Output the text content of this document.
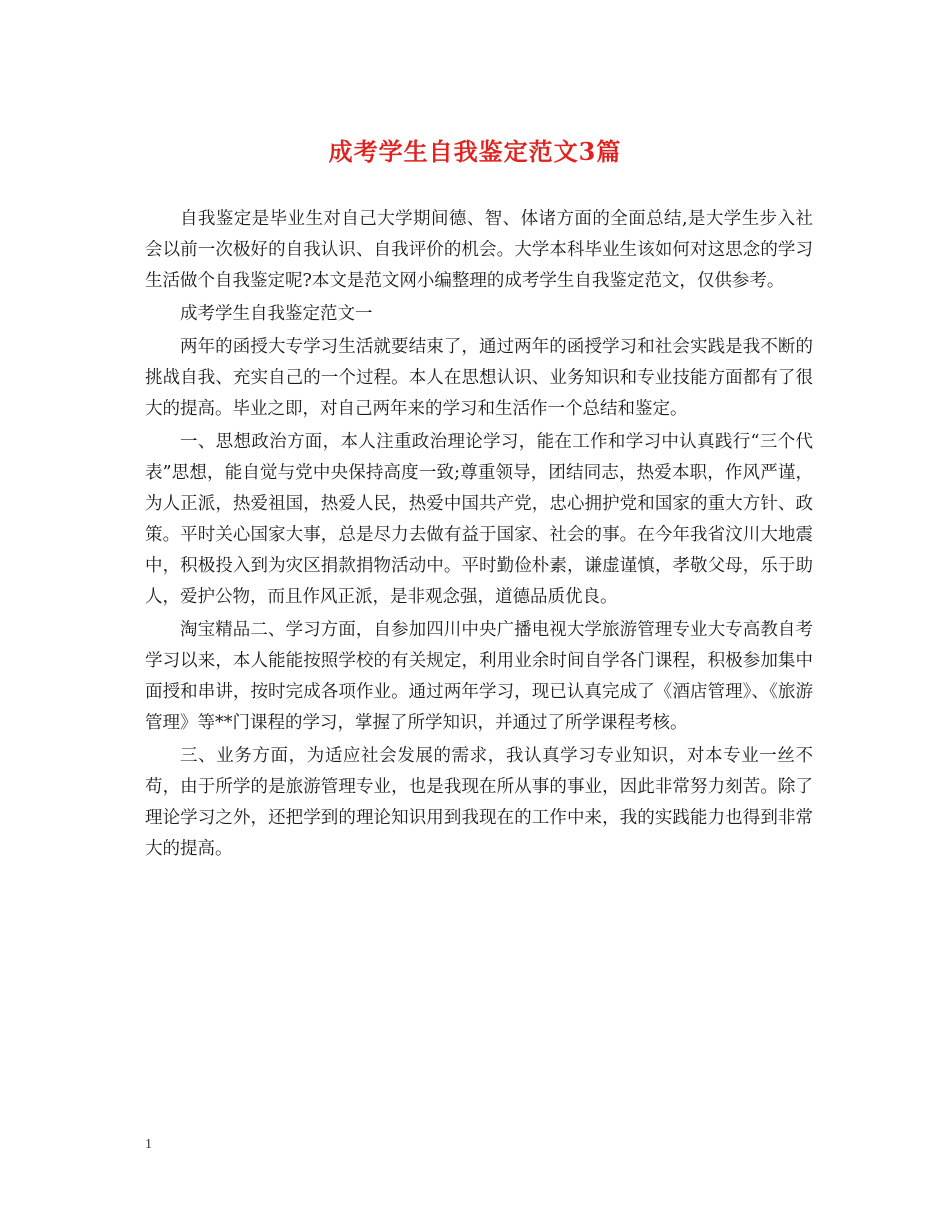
成考学生自我鉴定范文3篇

自我鉴定是毕业生对自己大学期间德、智、体诸方面的全面总结,是大学生步入社会以前一次极好的自我认识、自我评价的机会。大学本科毕业生该如何对这思念的学习生活做个自我鉴定呢?本文是范文网小编整理的成考学生自我鉴定范文，仅供参考。

成考学生自我鉴定范文一

两年的函授大专学习生活就要结束了，通过两年的函授学习和社会实践是我不断的挑战自我、充实自己的一个过程。本人在思想认识、业务知识和专业技能方面都有了很大的提高。毕业之即，对自己两年来的学习和生活作一个总结和鉴定。

一、思想政治方面，本人注重政治理论学习，能在工作和学习中认真践行“三个代表”思想，能自觉与党中央保持高度一致;尊重领导，团结同志，热爱本职，作风严谨，为人正派，热爱祖国，热爱人民，热爱中国共产党，忠心拥护党和国家的重大方针、政策。平时关心国家大事，总是尽力去做有益于国家、社会的事。在今年我省汶川大地震中，积极投入到为灾区捐款捐物活动中。平时勤俭朴素，谦虚谨慎，孝敬父母，乐于助人，爱护公物，而且作风正派，是非观念强，道德品质优良。

淘宝精品二、学习方面，自参加四川中央广播电视大学旅游管理专业大专高教自考学习以来，本人能能按照学校的有关规定，利用业余时间自学各门课程，积极参加集中面授和串讲，按时完成各项作业。通过两年学习，现已认真完成了《酒店管理》、《旅游管理》等**门课程的学习，掌握了所学知识，并通过了所学课程考核。

三、业务方面，为适应社会发展的需求，我认真学习专业知识，对本专业一丝不苟，由于所学的是旅游管理专业，也是我现在所从事的事业，因此非常努力刻苦。除了理论学习之外，还把学到的理论知识用到我现在的工作中来，我的实践能力也得到非常大的提高。

1
